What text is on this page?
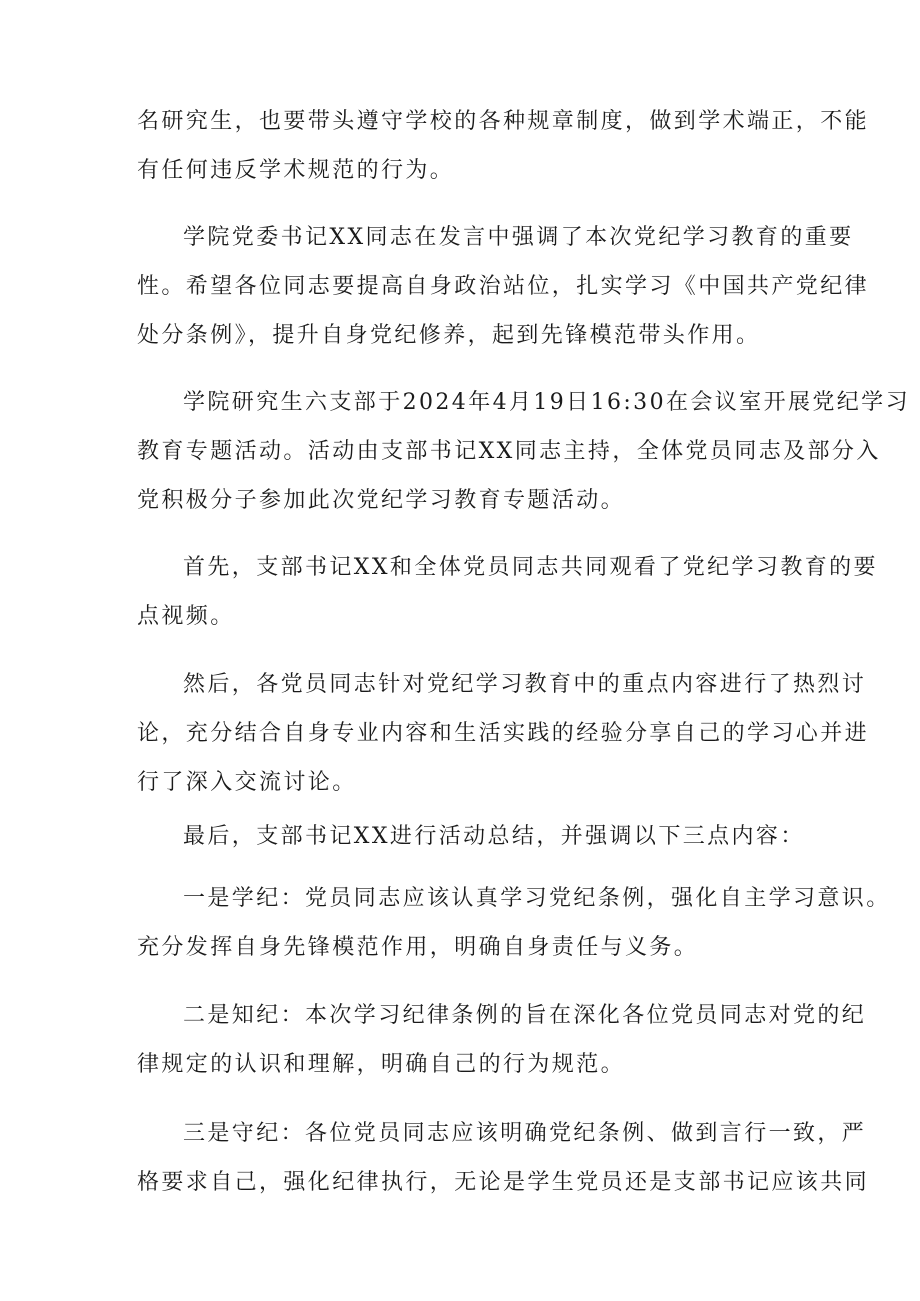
名研究生，也要带头遵守学校的各种规章制度，做到学术端正，不能
有任何违反学术规范的行为。
学院党委书记XX同志在发言中强调了本次党纪学习教育的重要
性。希望各位同志要提高自身政治站位，扎实学习《中国共产党纪律
处分条例》，提升自身党纪修养，起到先锋模范带头作用。
学院研究生六支部于2024年4月19日16:30在会议室开展党纪学习
教育专题活动。活动由支部书记XX同志主持，全体党员同志及部分入
党积极分子参加此次党纪学习教育专题活动。
首先，支部书记XX和全体党员同志共同观看了党纪学习教育的要
点视频。
然后，各党员同志针对党纪学习教育中的重点内容进行了热烈讨
论，充分结合自身专业内容和生活实践的经验分享自己的学习心并进
行了深入交流讨论。
最后，支部书记XX进行活动总结，并强调以下三点内容：
一是学纪：党员同志应该认真学习党纪条例，强化自主学习意识。
充分发挥自身先锋模范作用，明确自身责任与义务。
二是知纪：本次学习纪律条例的旨在深化各位党员同志对党的纪
律规定的认识和理解，明确自己的行为规范。
三是守纪：各位党员同志应该明确党纪条例、做到言行一致，严
格要求自己，强化纪律执行，无论是学生党员还是支部书记应该共同
